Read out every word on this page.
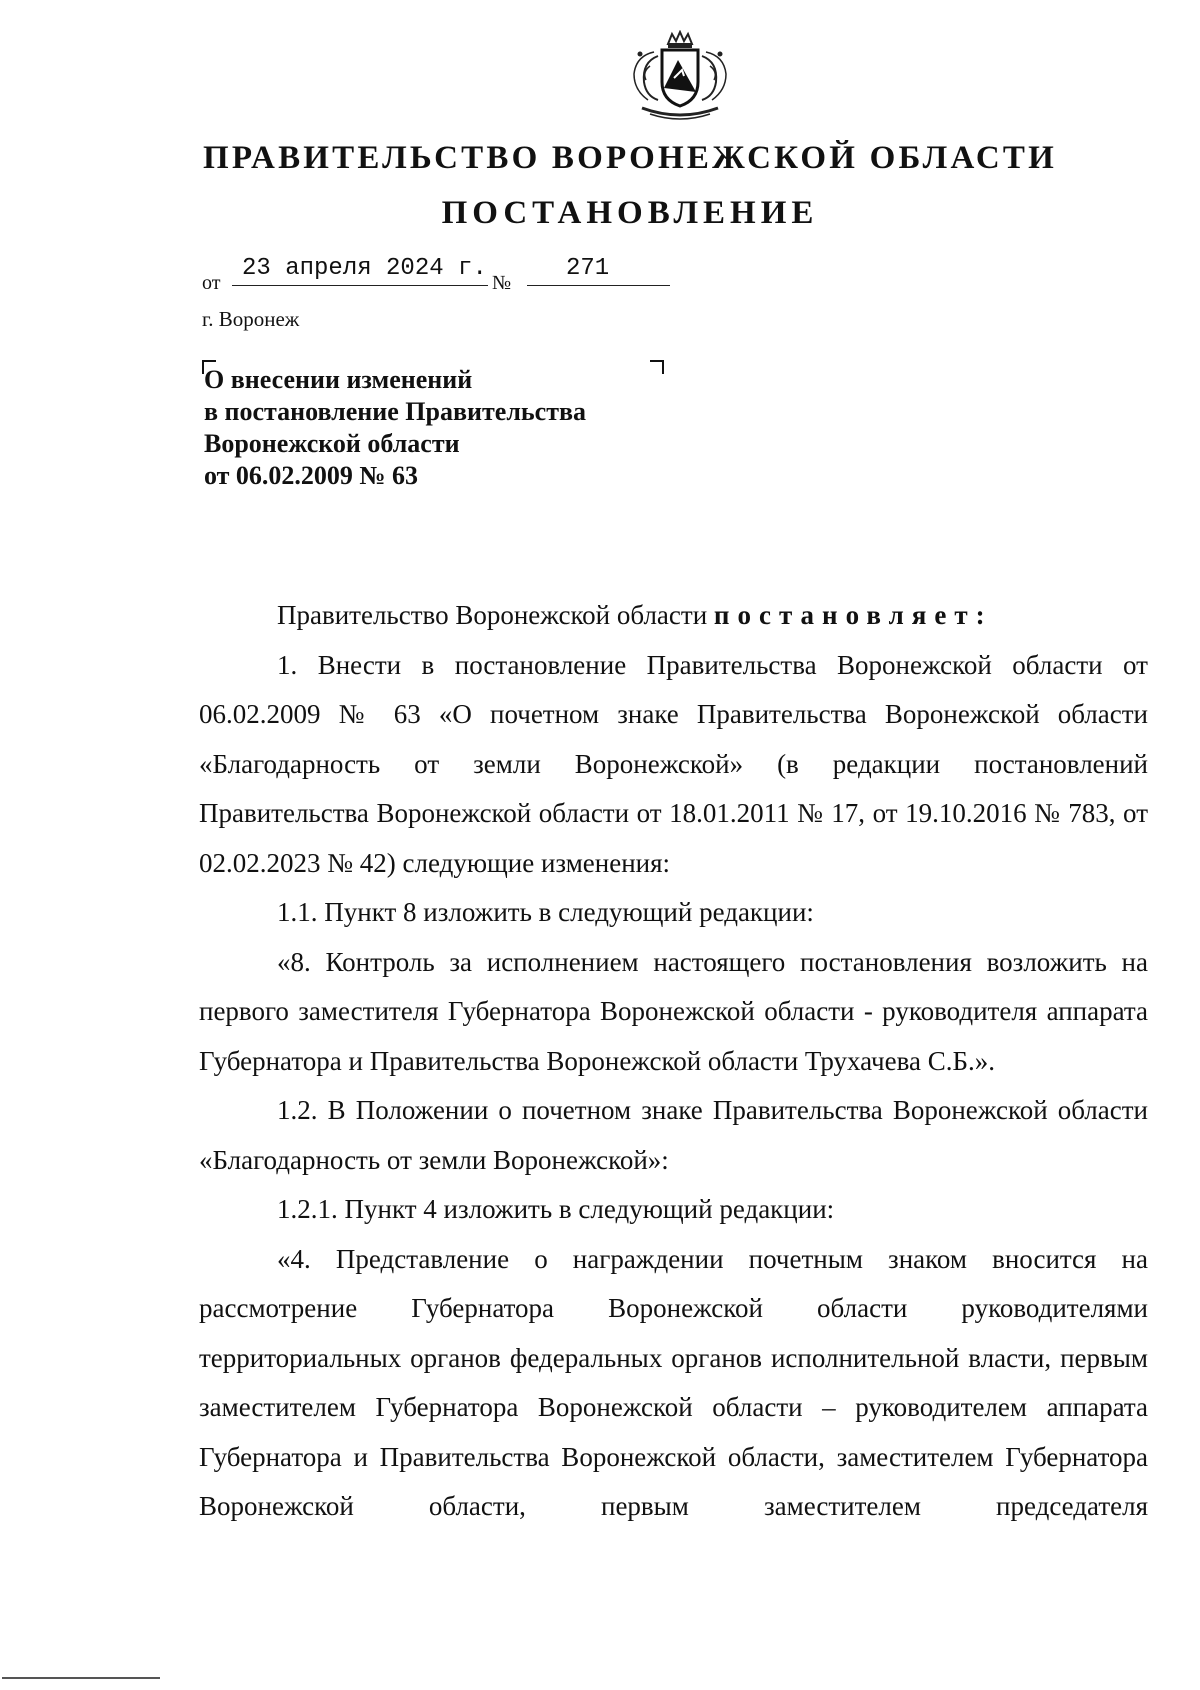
ПРАВИТЕЛЬСТВО ВОРОНЕЖСКОЙ ОБЛАСТИ
ПОСТАНОВЛЕНИЕ
от
23 апреля 2024 г.
№
271
г. Воронеж
О внесении изменений
в постановление Правительства
Воронежской области
от 06.02.2009 № 63

Правительство Воронежской области постановляет:

1. Внести в постановление Правительства Воронежской области от 06.02.2009 № 63 «О почетном знаке Правительства Воронежской области «Благодарность от земли Воронежской» (в редакции постановлений Правительства Воронежской области от 18.01.2011 № 17, от 19.10.2016 № 783, от 02.02.2023 № 42) следующие изменения:

1.1. Пункт 8 изложить в следующий редакции:

«8. Контроль за исполнением настоящего постановления возложить на первого заместителя Губернатора Воронежской области - руководителя аппарата Губернатора и Правительства Воронежской области Трухачева С.Б.».

1.2. В Положении о почетном знаке Правительства Воронежской области «Благодарность от земли Воронежской»:

1.2.1. Пункт 4 изложить в следующий редакции:

«4. Представление о награждении почетным знаком вносится на рассмотрение Губернатора Воронежской области руководителями территориальных органов федеральных органов исполнительной власти, первым заместителем Губернатора Воронежской области – руководителем аппарата Губернатора и Правительства Воронежской области, заместителем Губернатора Воронежской области, первым заместителем председателя
